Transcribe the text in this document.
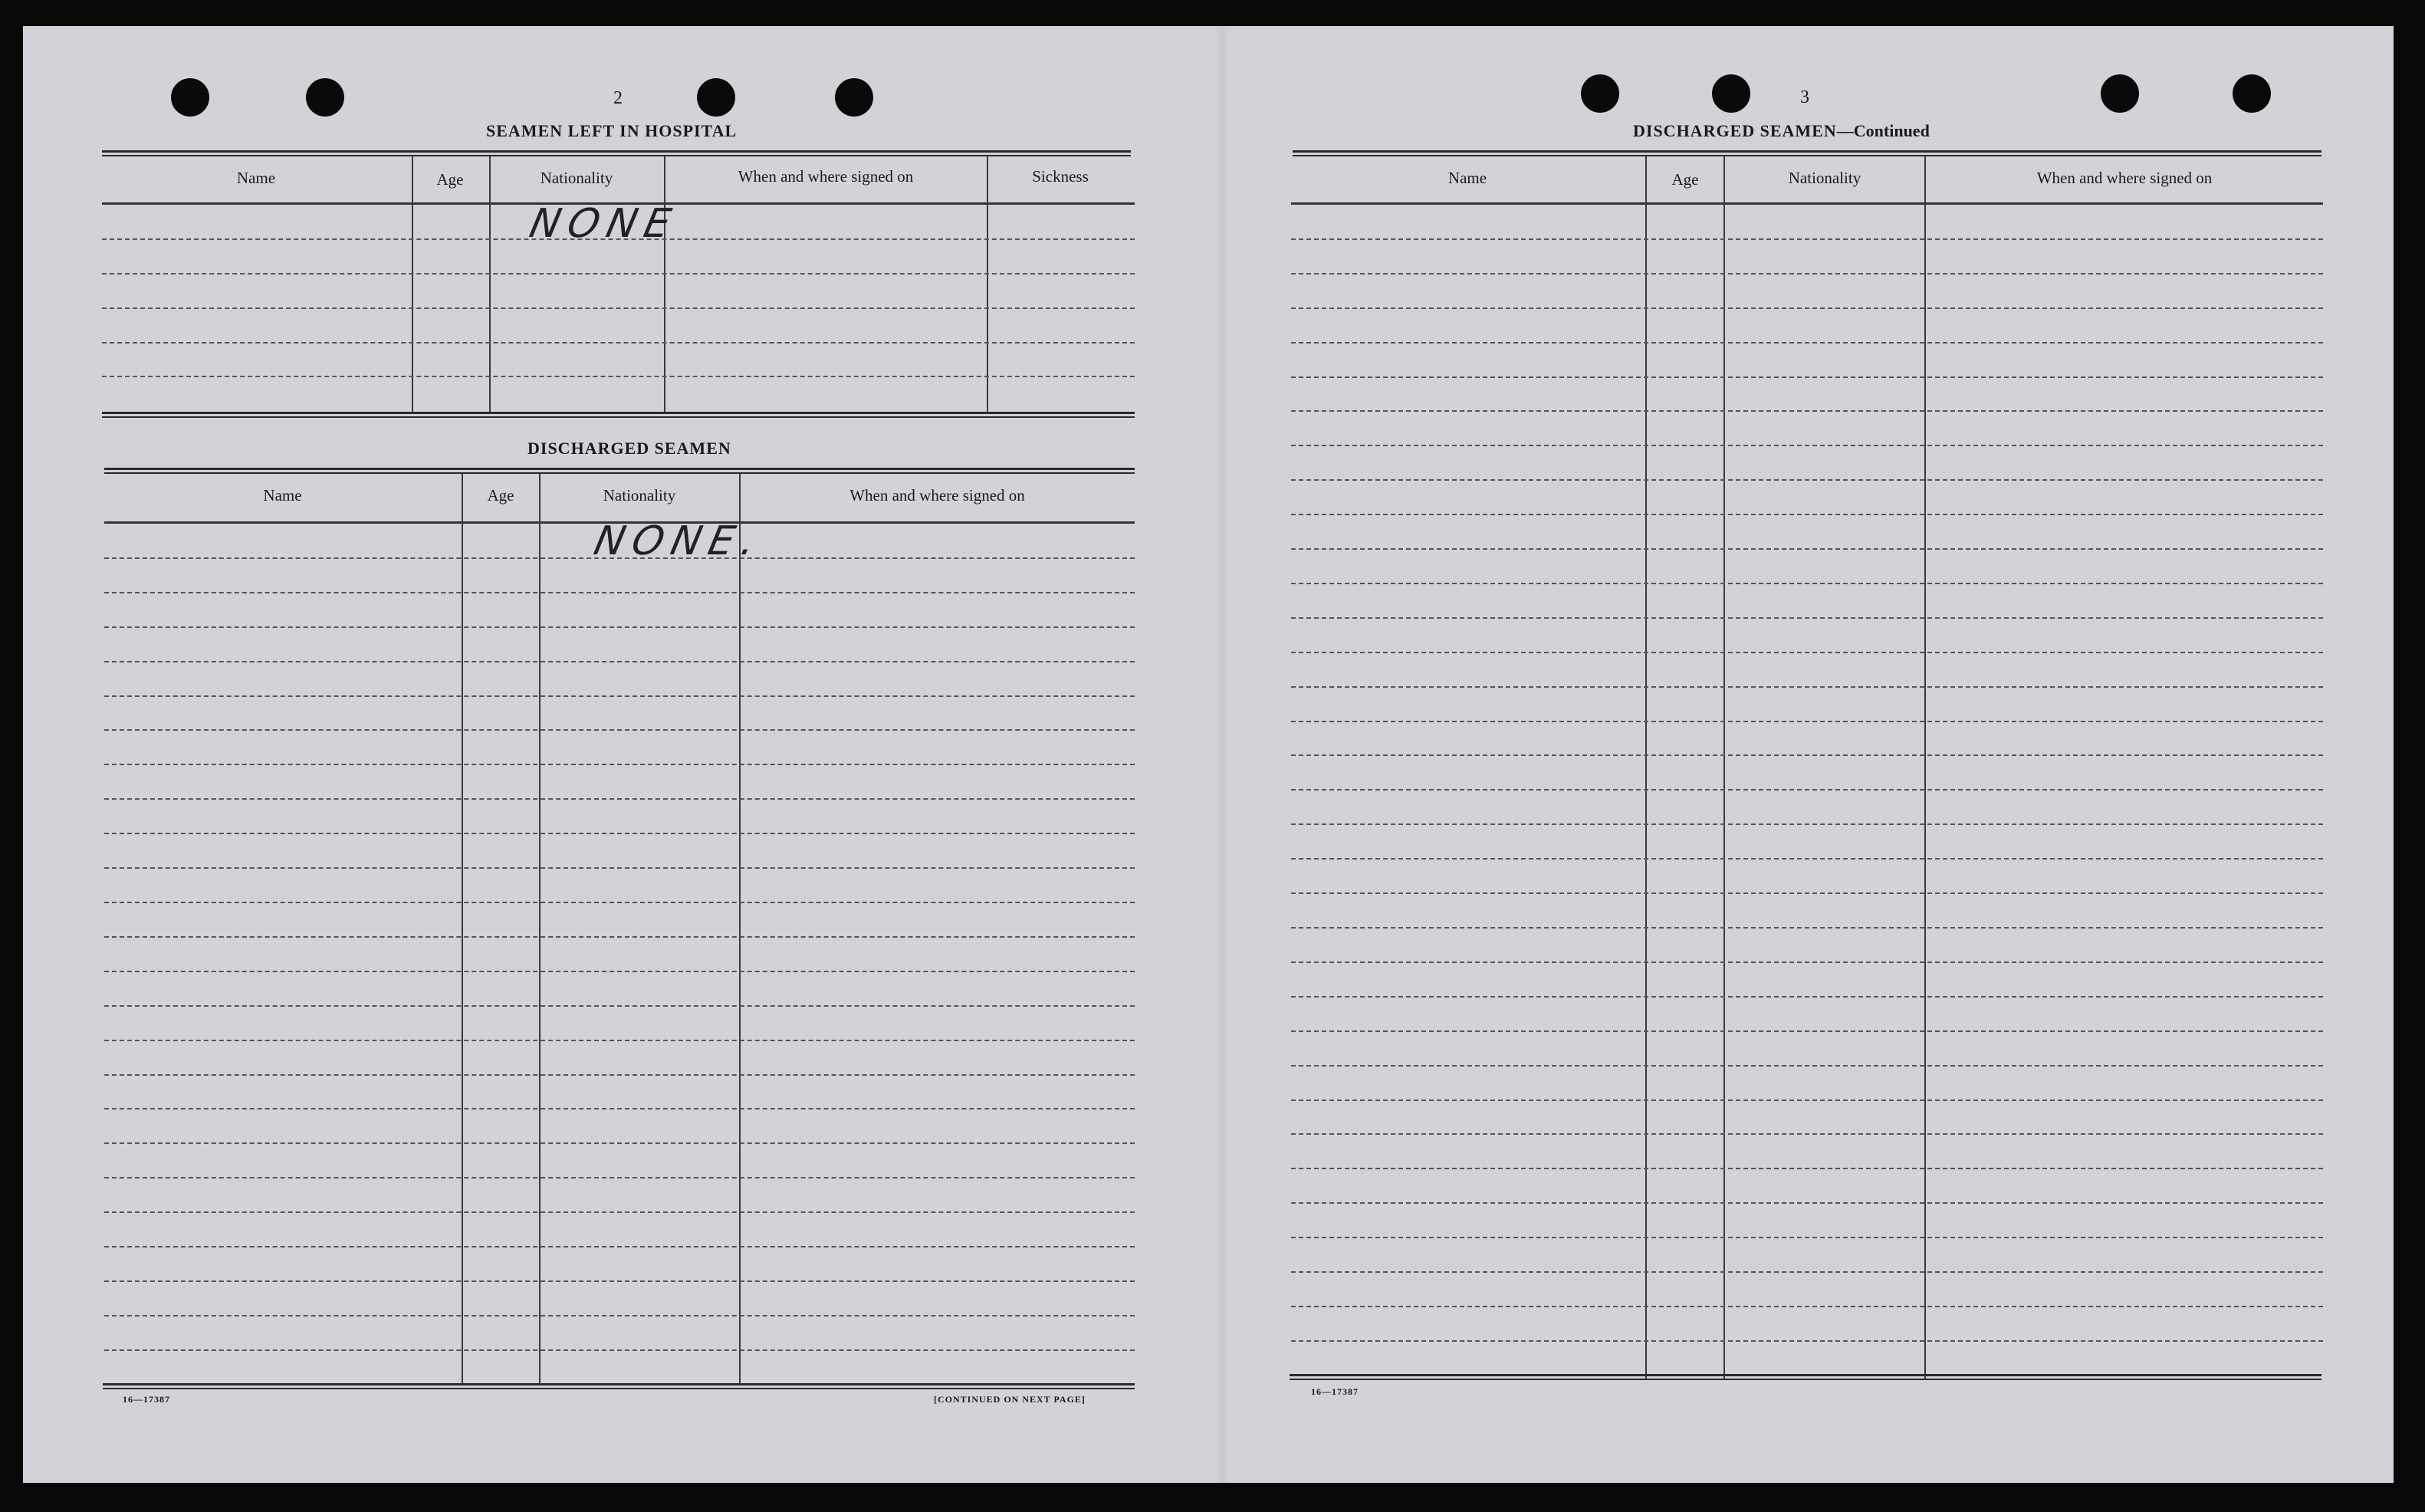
2
SEAMEN LEFT IN HOSPITAL
Name	Age	Nationality	When and where signed on	Sickness
NONE
DISCHARGED SEAMEN
Name	Age	Nationality	When and where signed on
NONE.
16—17387	[CONTINUED ON NEXT PAGE]
3
DISCHARGED SEAMEN—Continued
Name	Age	Nationality	When and where signed on
16—17387
